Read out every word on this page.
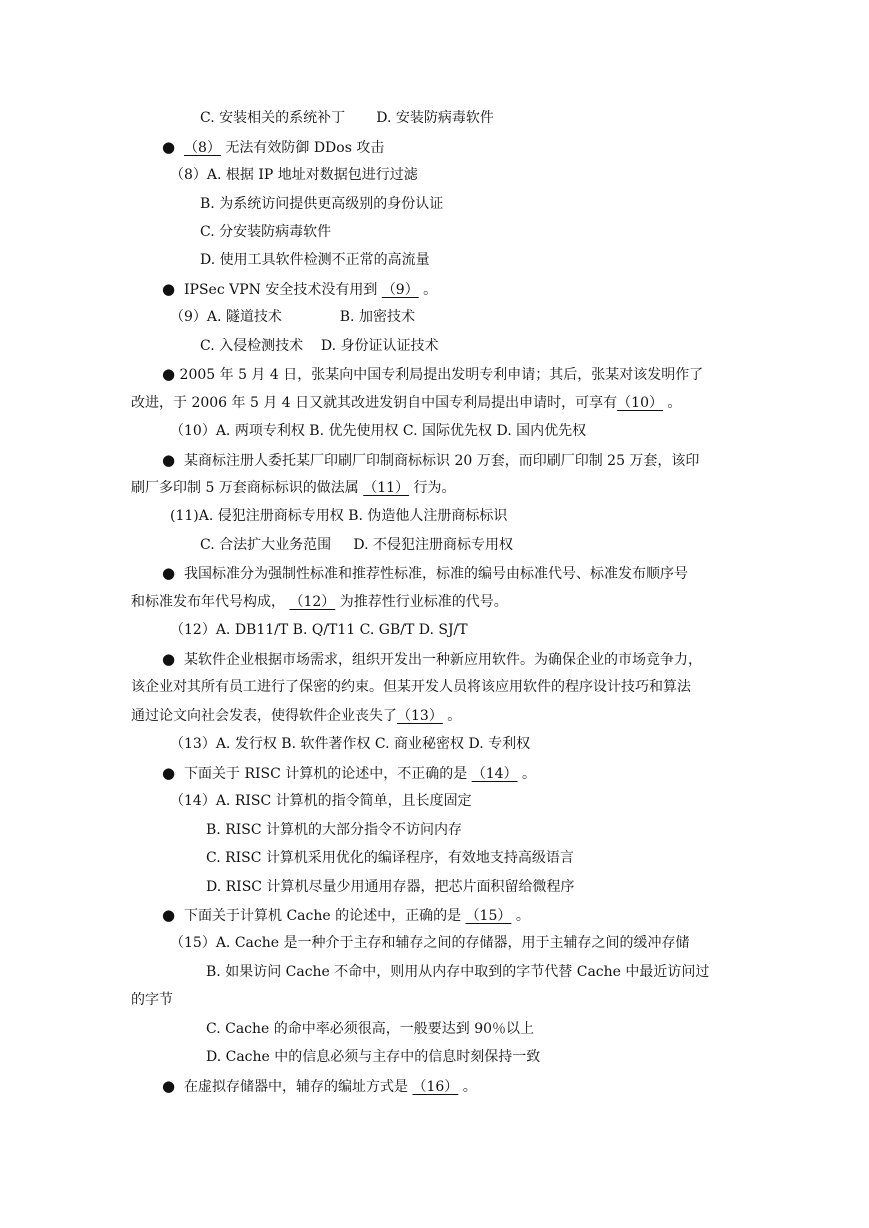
C. 安装相关的系统补丁       D. 安装防病毒软件
● （8） 无法有效防御 DDos 攻击
（8）A. 根据 IP 地址对数据包进行过滤
B. 为系统访问提供更高级别的身份认证
C. 分安装防病毒软件
D. 使用工具软件检测不正常的高流量
● IPSec VPN 安全技术没有用到 （9） 。
（9）A. 隧道技术             B. 加密技术
C. 入侵检测技术    D. 身份证认证技术
● 2005 年 5 月 4 日，张某向中国专利局提出发明专利申请；其后，张某对该发明作了
改进，于 2006 年 5 月 4 日又就其改进发钥自中国专利局提出申请时，可享有（10） 。
（10）A. 两项专利权 B. 优先使用权 C. 国际优先权 D. 国内优先权
● 某商标注册人委托某厂印刷厂印制商标标识 20 万套，而印刷厂印制 25 万套，该印
刷厂多印制 5 万套商标标识的做法属 （11） 行为。
(11)A. 侵犯注册商标专用权 B. 伪造他人注册商标标识
C. 合法扩大业务范围     D. 不侵犯注册商标专用权
● 我国标准分为强制性标准和推荐性标准，标准的编号由标准代号、标准发布顺序号
和标准发布年代号构成， （12） 为推荐性行业标准的代号。
（12）A. DB11/T B. Q/T11 C. GB/T D. SJ/T
● 某软件企业根据市场需求，组织开发出一种新应用软件。为确保企业的市场竞争力，
该企业对其所有员工进行了保密的约束。但某开发人员将该应用软件的程序设计技巧和算法
通过论文向社会发表，使得软件企业丧失了（13） 。
（13）A. 发行权 B. 软件著作权 C. 商业秘密权 D. 专利权
● 下面关于 RISC 计算机的论述中，不正确的是 （14） 。
（14）A. RISC 计算机的指令简单，且长度固定
B. RISC 计算机的大部分指令不访问内存
C. RISC 计算机采用优化的编译程序，有效地支持高级语言
D. RISC 计算机尽量少用通用存器，把芯片面积留给微程序
● 下面关于计算机 Cache 的论述中，正确的是 （15） 。
（15）A. Cache 是一种介于主存和辅存之间的存储器，用于主辅存之间的缓冲存储
B. 如果访问 Cache 不命中，则用从内存中取到的字节代替 Cache 中最近访问过
的字节
C. Cache 的命中率必须很高，一般要达到 90％以上
D. Cache 中的信息必须与主存中的信息时刻保持一致
● 在虚拟存储器中，辅存的编址方式是 （16） 。
